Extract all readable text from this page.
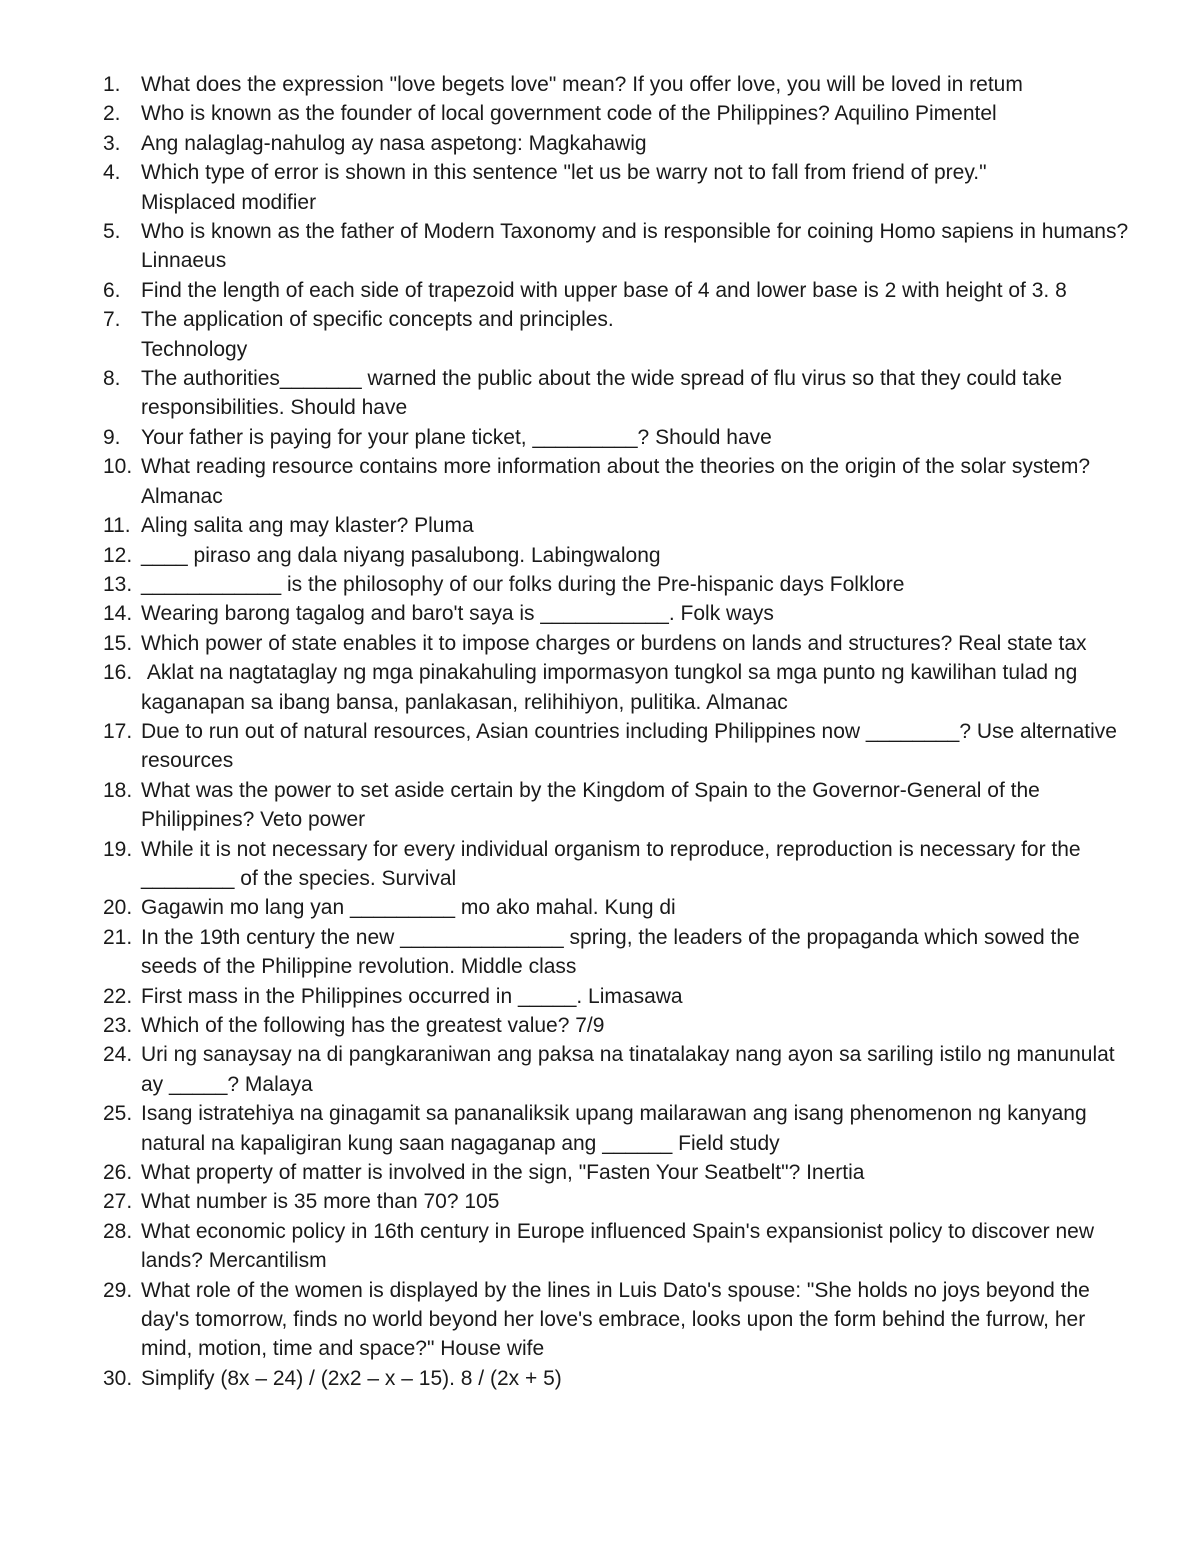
1. What does the expression "love begets love" mean? If you offer love, you will be loved in retum
2. Who is known as the founder of local government code of the Philippines? Aquilino Pimentel
3. Ang nalaglag-nahulog ay nasa aspetong: Magkahawig
4. Which type of error is shown in this sentence "let us be warry not to fall from friend of prey."
Misplaced modifier
5. Who is known as the father of Modern Taxonomy and is responsible for coining Homo sapiens in humans? Linnaeus
6. Find the length of each side of trapezoid with upper base of 4 and lower base is 2 with height of 3. 8
7. The application of specific concepts and principles.
Technology
8. The authorities_______ warned the public about the wide spread of flu virus so that they could take responsibilities. Should have
9. Your father is paying for your plane ticket, _________? Should have
10. What reading resource contains more information about the theories on the origin of the solar system? Almanac
11. Aling salita ang may klaster? Pluma
12. ____ piraso ang dala niyang pasalubong. Labingwalong
13. ____________ is the philosophy of our folks during the Pre-hispanic days Folklore
14. Wearing barong tagalog and baro't saya is ___________. Folk ways
15. Which power of state enables it to impose charges or burdens on lands and structures? Real state tax
16. Aklat na nagtataglay ng mga pinakahuling impormasyon tungkol sa mga punto ng kawilihan tulad ng kaganapan sa ibang bansa, panlakasan, relihihiyon, pulitika. Almanac
17. Due to run out of natural resources, Asian countries including Philippines now ________? Use alternative resources
18. What was the power to set aside certain by the Kingdom of Spain to the Governor-General of the Philippines? Veto power
19. While it is not necessary for every individual organism to reproduce, reproduction is necessary for the ________ of the species. Survival
20. Gagawin mo lang yan _________ mo ako mahal. Kung di
21. In the 19th century the new ______________ spring, the leaders of the propaganda which sowed the seeds of the Philippine revolution. Middle class
22. First mass in the Philippines occurred in _____. Limasawa
23. Which of the following has the greatest value? 7/9
24. Uri ng sanaysay na di pangkaraniwan ang paksa na tinatalakay nang ayon sa sariling istilo ng manunulat ay _____? Malaya
25. Isang istratehiya na ginagamit sa pananaliksik upang mailarawan ang isang phenomenon ng kanyang natural na kapaligiran kung saan nagaganap ang ______ Field study
26. What property of matter is involved in the sign, "Fasten Your Seatbelt"? Inertia
27. What number is 35 more than 70? 105
28. What economic policy in 16th century in Europe influenced Spain's expansionist policy to discover new lands? Mercantilism
29. What role of the women is displayed by the lines in Luis Dato's spouse: "She holds no joys beyond the day's tomorrow, finds no world beyond her love's embrace, looks upon the form behind the furrow, her mind, motion, time and space?" House wife
30. Simplify (8x – 24) / (2x2 – x – 15). 8 / (2x + 5)
